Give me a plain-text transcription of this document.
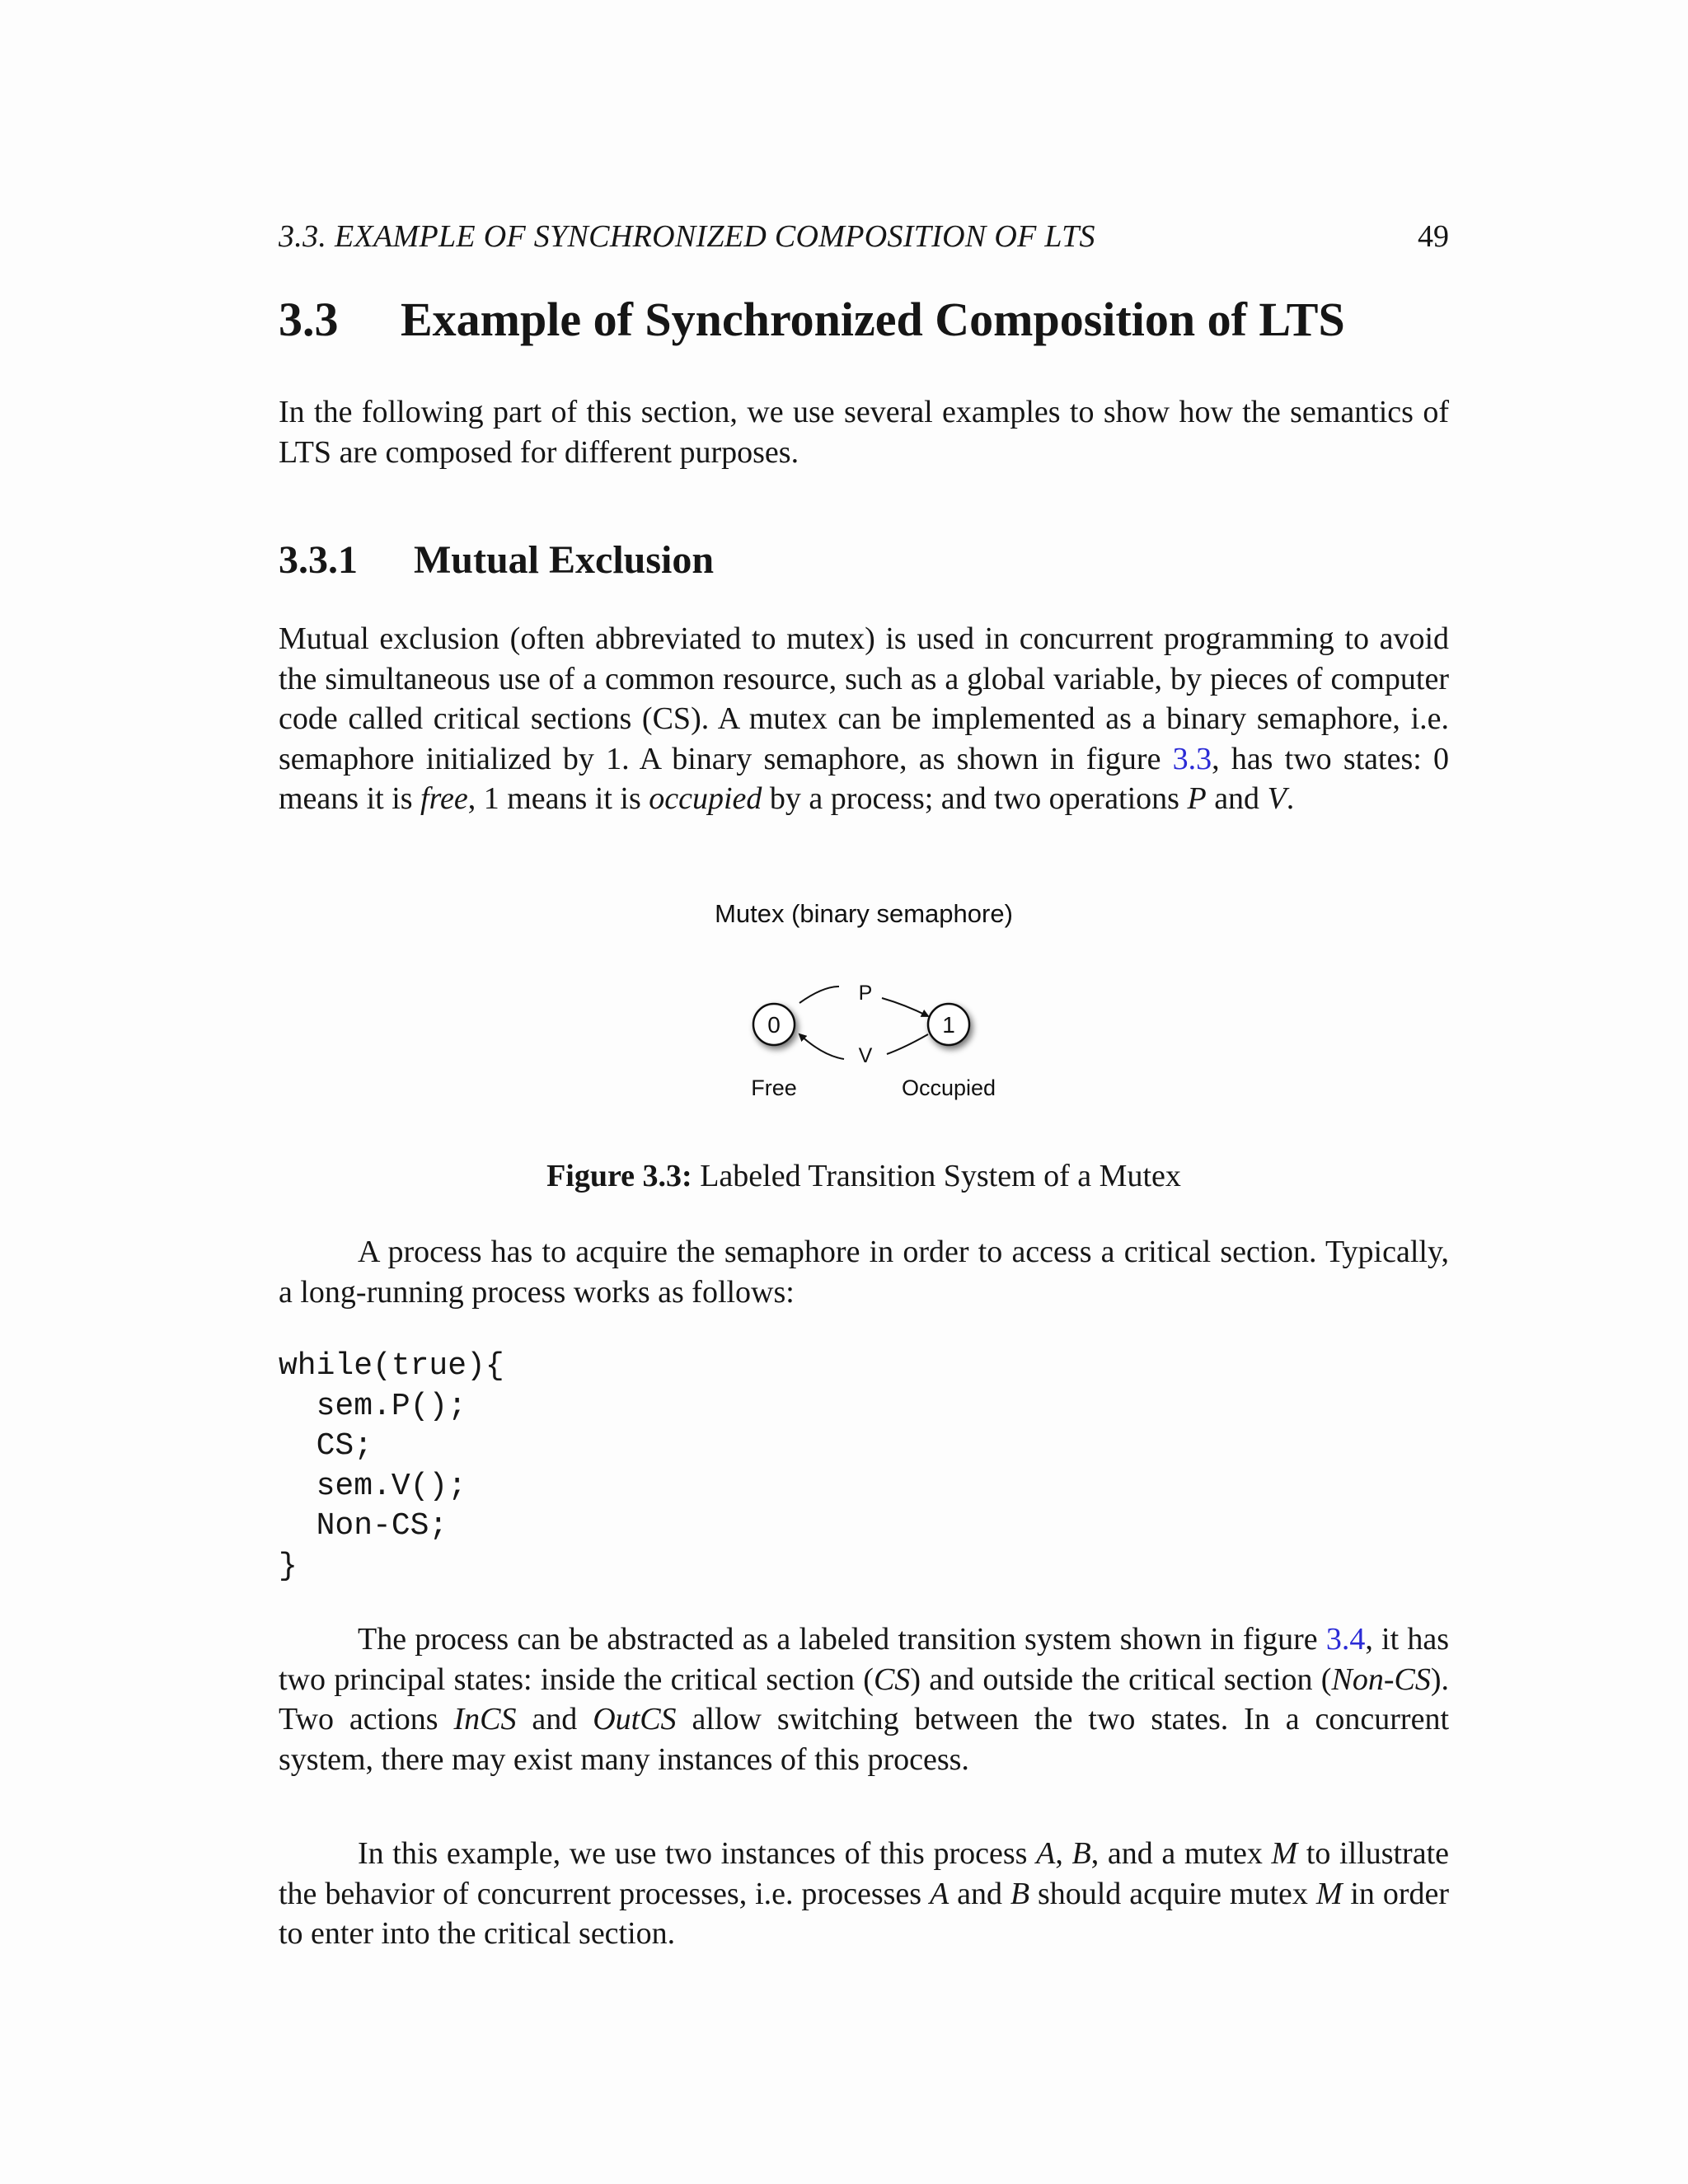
3.3. EXAMPLE OF SYNCHRONIZED COMPOSITION OF LTS	49
3.3	Example of Synchronized Composition of LTS

In the following part of this section, we use several examples to show how the semantics of LTS are composed for different purposes.

3.3.1	Mutual Exclusion

Mutual exclusion (often abbreviated to mutex) is used in concurrent programming to avoid the simultaneous use of a common resource, such as a global variable, by pieces of computer code called critical sections (CS). A mutex can be implemented as a binary semaphore, i.e. semaphore initialized by 1. A binary semaphore, as shown in figure 3.3, has two states: 0 means it is free, 1 means it is occupied by a process; and two operations P and V.

Mutex (binary semaphore)
P
V
0	1
Free	Occupied
Figure 3.3: Labeled Transition System of a Mutex

A process has to acquire the semaphore in order to access a critical section. Typically, a long-running process works as follows:

while(true){
sem.P();
CS;
sem.V();
Non-CS;
}

The process can be abstracted as a labeled transition system shown in figure 3.4, it has two principal states: inside the critical section (CS) and outside the critical section (Non-CS). Two actions InCS and OutCS allow switching between the two states. In a concurrent system, there may exist many instances of this process.

In this example, we use two instances of this process A, B, and a mutex M to illustrate the behavior of concurrent processes, i.e. processes A and B should acquire mutex M in order to enter into the critical section.
